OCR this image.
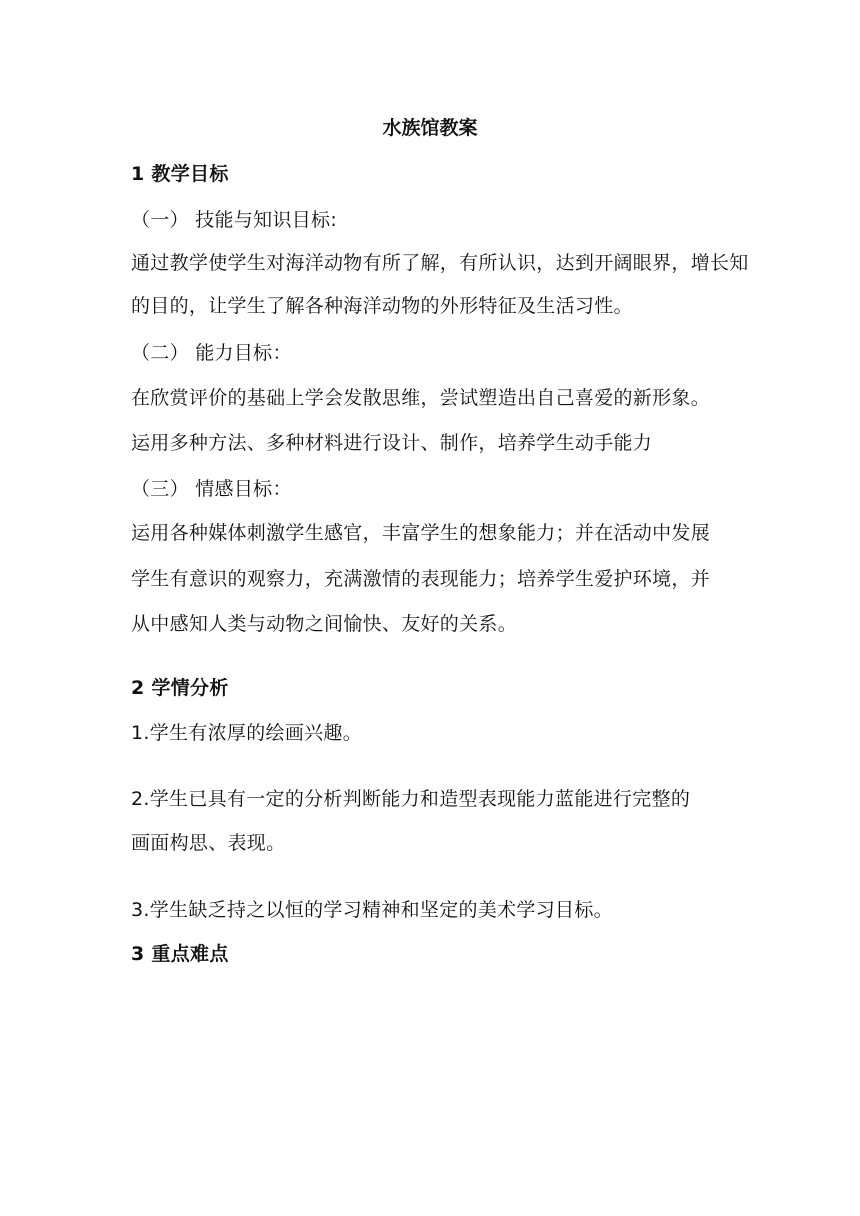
水族馆教案
1 教学目标
（一） 技能与知识目标:
通过教学使学生对海洋动物有所了解，有所认识，达到开阔眼界，增长知
的目的，让学生了解各种海洋动物的外形特征及生活习性。
（二） 能力目标：
在欣赏评价的基础上学会发散思维，尝试塑造出自己喜爱的新形象。
运用多种方法、多种材料进行设计、制作，培养学生动手能力
（三） 情感目标：
运用各种媒体刺激学生感官，丰富学生的想象能力；并在活动中发展
学生有意识的观察力，充满激情的表现能力；培养学生爱护环境，并
从中感知人类与动物之间愉快、友好的关系。
2 学情分析
1.学生有浓厚的绘画兴趣。
2.学生已具有一定的分析判断能力和造型表现能力蓝能进行完整的
画面构思、表现。
3.学生缺乏持之以恒的学习精神和坚定的美术学习目标。
3 重点难点
